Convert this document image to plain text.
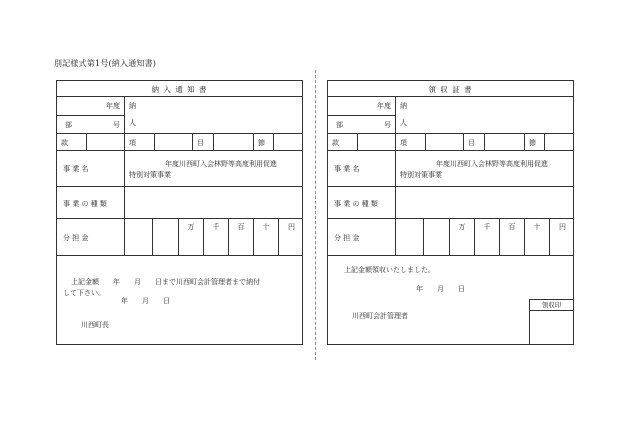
別記様式第1号(納入通知書)
納 入 通 知 書
年度
部	号
納
人
款	項	目	節
事 業 名
年度川西町入会林野等高度利用促進
特別対策事業
事 業 の 種 類
分 担 金
万	千	百	十	円
上記金額　　年　　月　　日まで川西町会計管理者まで納付
して下さい。
年　　月　　日
川西町長
領 収 証 書
年度
部	号
納
人
款	項	目	節
事 業 名
年度川西町入会林野等高度利用促進
特別対策事業
事 業 の 種 類
分 担 金
万	千	百	十	円
上記金額領収いたしました。
年　　月　　日
川西町会計管理者
領収印
